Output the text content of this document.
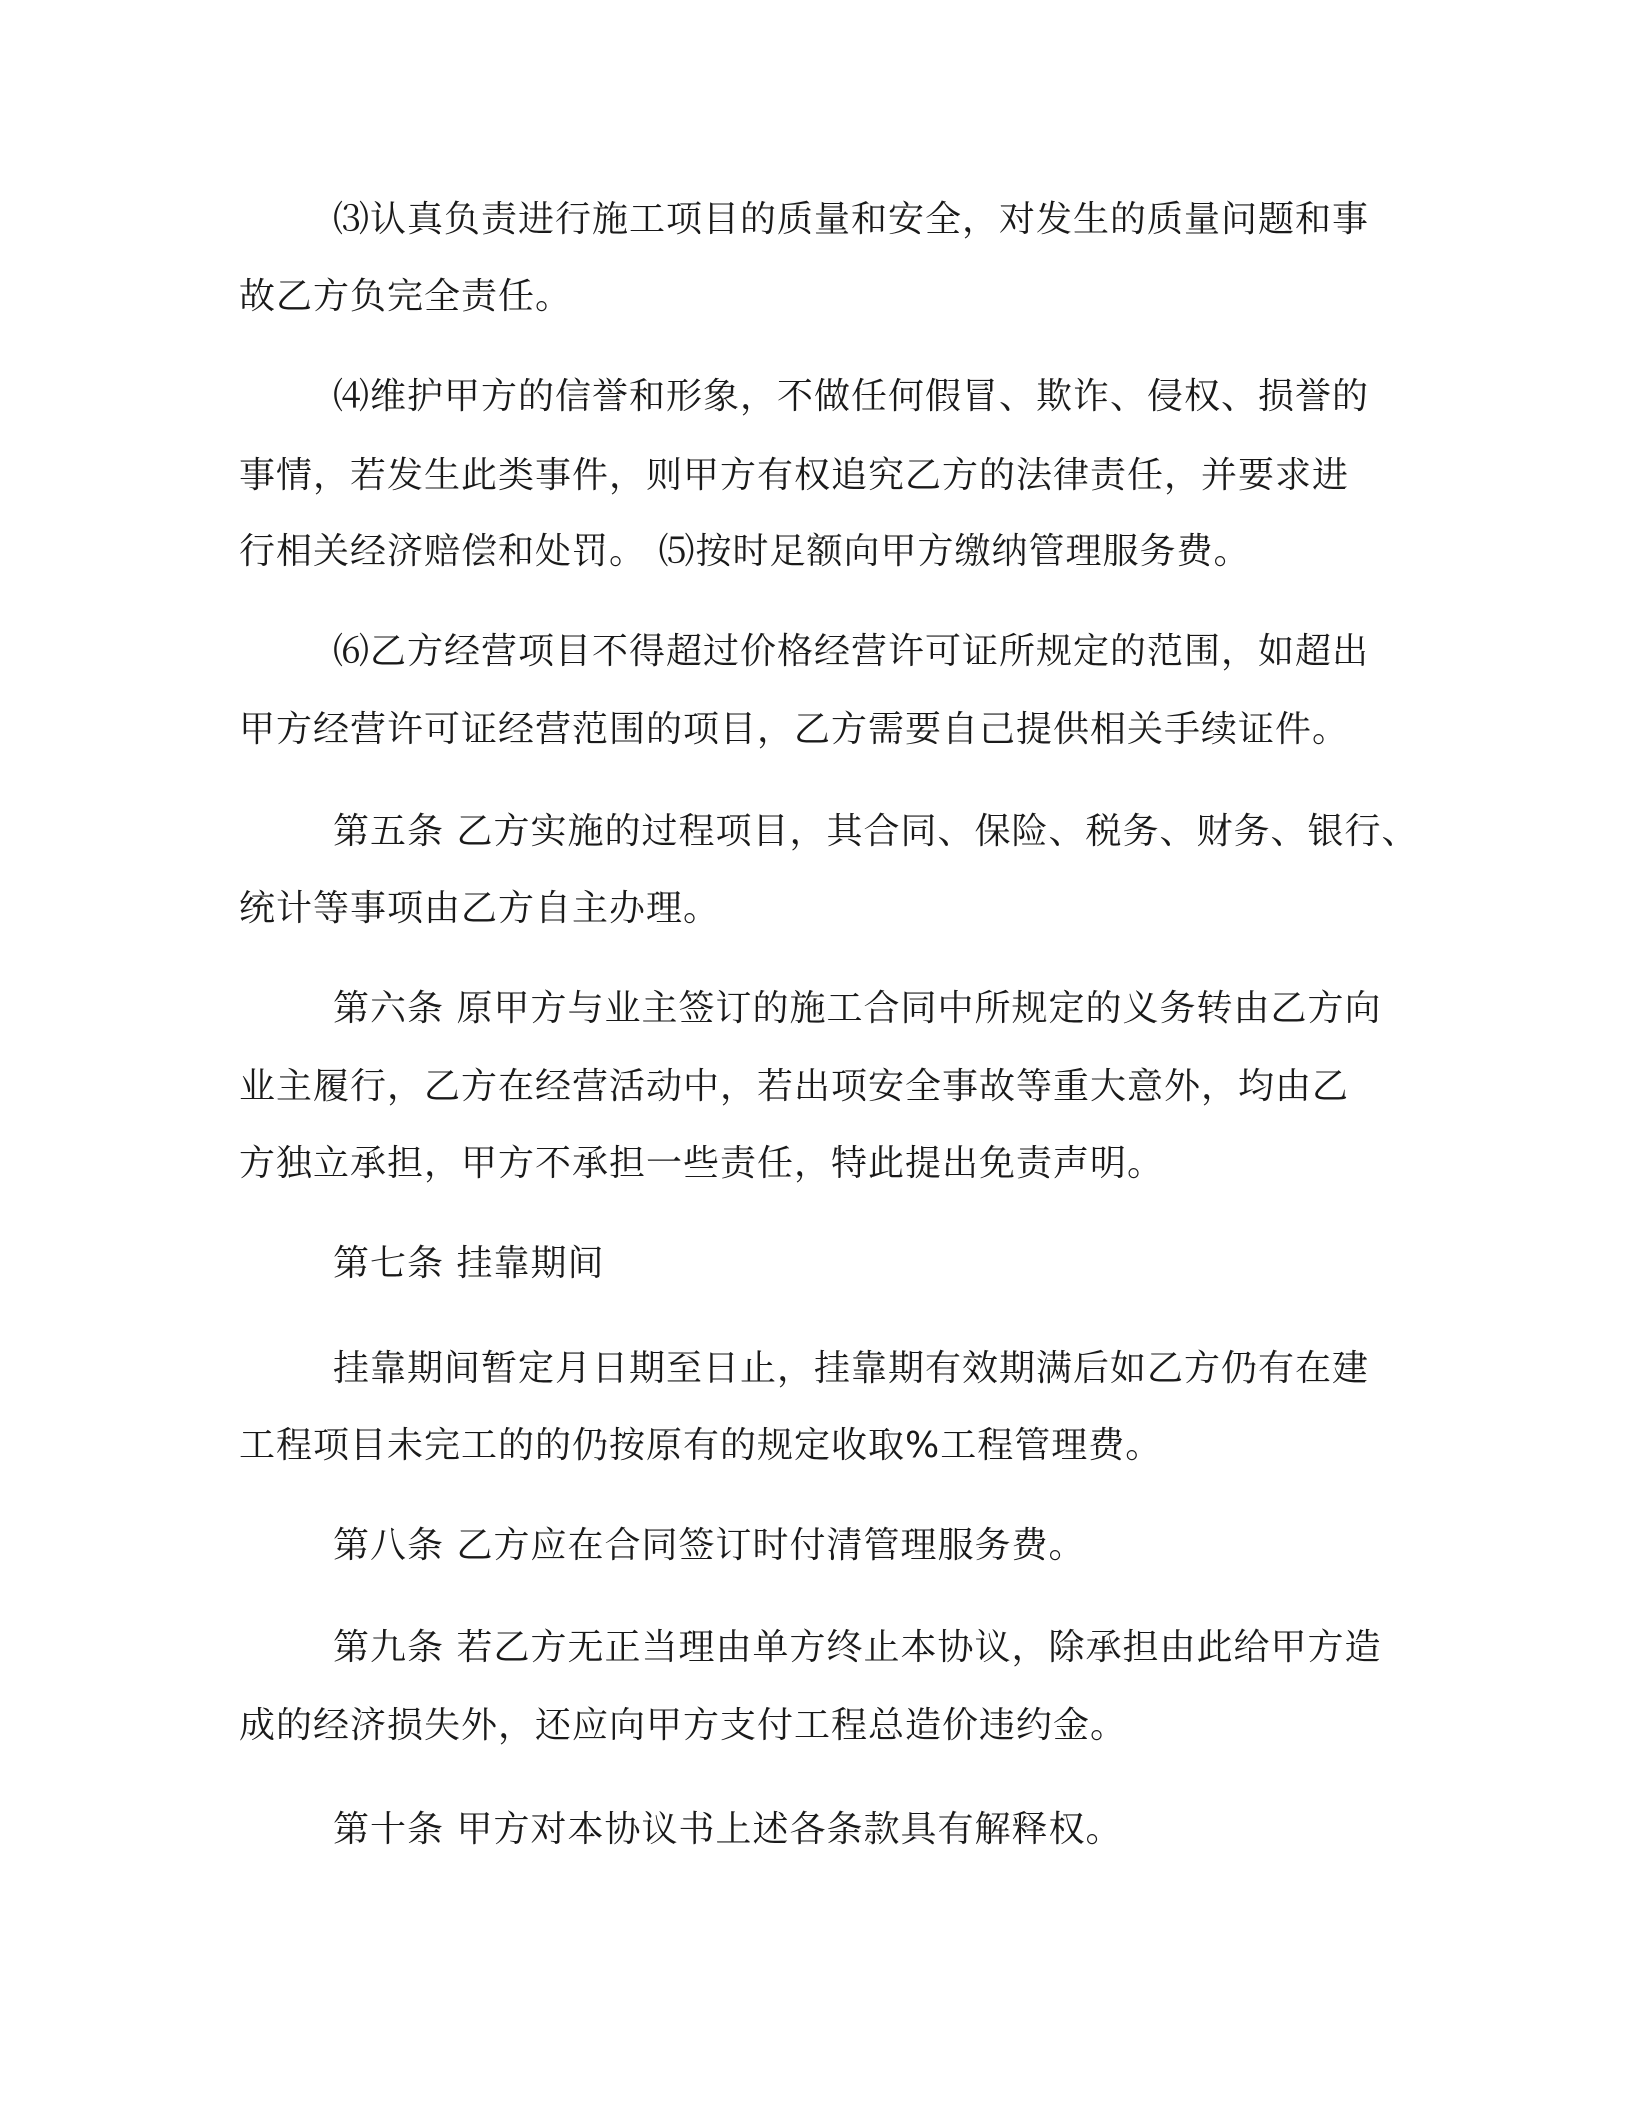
⑶认真负责进行施工项目的质量和安全，对发生的质量问题和事
故乙方负完全责任。
⑷维护甲方的信誉和形象，不做任何假冒、欺诈、侵权、损誉的
事情，若发生此类事件，则甲方有权追究乙方的法律责任，并要求进
行相关经济赔偿和处罚。 ⑸按时足额向甲方缴纳管理服务费。
⑹乙方经营项目不得超过价格经营许可证所规定的范围，如超出
甲方经营许可证经营范围的项目，乙方需要自己提供相关手续证件。
第五条 乙方实施的过程项目，其合同、保险、税务、财务、银行、
统计等事项由乙方自主办理。
第六条 原甲方与业主签订的施工合同中所规定的义务转由乙方向
业主履行，乙方在经营活动中，若出项安全事故等重大意外，均由乙
方独立承担，甲方不承担一些责任，特此提出免责声明。
第七条 挂靠期间
挂靠期间暂定月日期至日止，挂靠期有效期满后如乙方仍有在建
工程项目未完工的的仍按原有的规定收取%工程管理费。
第八条 乙方应在合同签订时付清管理服务费。
第九条 若乙方无正当理由单方终止本协议，除承担由此给甲方造
成的经济损失外，还应向甲方支付工程总造价违约金。
第十条 甲方对本协议书上述各条款具有解释权。
